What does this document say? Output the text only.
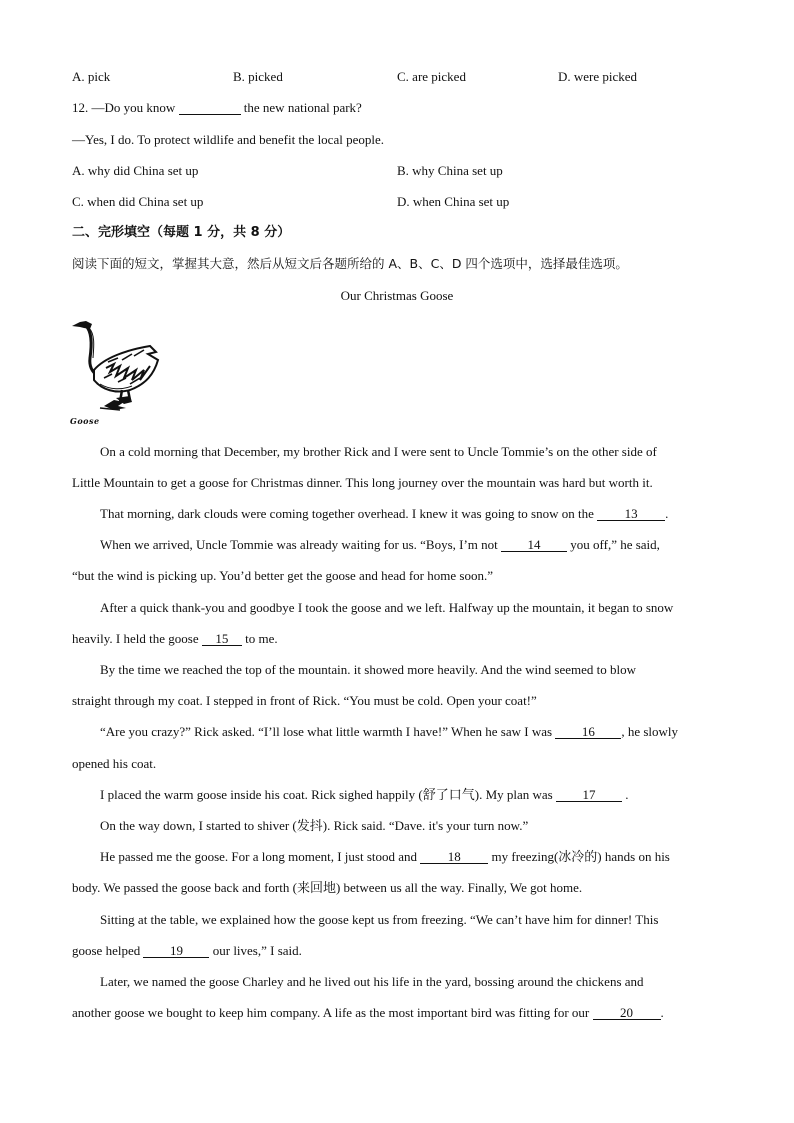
A. pick	B. picked	C. are picked	D. were picked
12. —Do you know	the new national park?
—Yes, I do. To protect wildlife and benefit the local people.
A. why did China set up	B. why China set up
C. when did China set up	D. when China set up
二、完形填空（每题 1 分，共 8 分）
阅读下面的短文，掌握其大意，然后从短文后各题所给的 A、B、C、D 四个选项中，选择最佳选项。
Our Christmas Goose
Goose
On a cold morning that December, my brother Rick and I were sent to Uncle Tommie’s on the other side of
Little Mountain to get a goose for Christmas dinner. This long journey over the mountain was hard but worth it.
That morning, dark clouds were coming together overhead. I knew it was going to snow on the 13 .
When we arrived, Uncle Tommie was already waiting for us. “Boys, I’m not 14 you off,” he said,
“but the wind is picking up. You’d better get the goose and head for home soon.”
After a quick thank-you and goodbye I took the goose and we left. Halfway up the mountain, it began to snow
heavily. I held the goose 15 to me.
By the time we reached the top of the mountain. it showed more heavily. And the wind seemed to blow
straight through my coat. I stepped in front of Rick. “You must be cold. Open your coat!”
“Are you crazy?” Rick asked. “I’ll lose what little warmth I have!” When he saw I was 16 , he slowly
opened his coat.
I placed the warm goose inside his coat. Rick sighed happily (舒了口气). My plan was 17 .
On the way down, I started to shiver (发抖). Rick said. “Dave. it's your turn now.”
He passed me the goose. For a long moment, I just stood and 18 my freezing(冰冷的) hands on his
body. We passed the goose back and forth (来回地) between us all the way. Finally, We got home.
Sitting at the table, we explained how the goose kept us from freezing. “We can’t have him for dinner! This
goose helped 19 our lives,” I said.
Later, we named the goose Charley and he lived out his life in the yard, bossing around the chickens and
another goose we bought to keep him company. A life as the most important bird was fitting for our 20 .
